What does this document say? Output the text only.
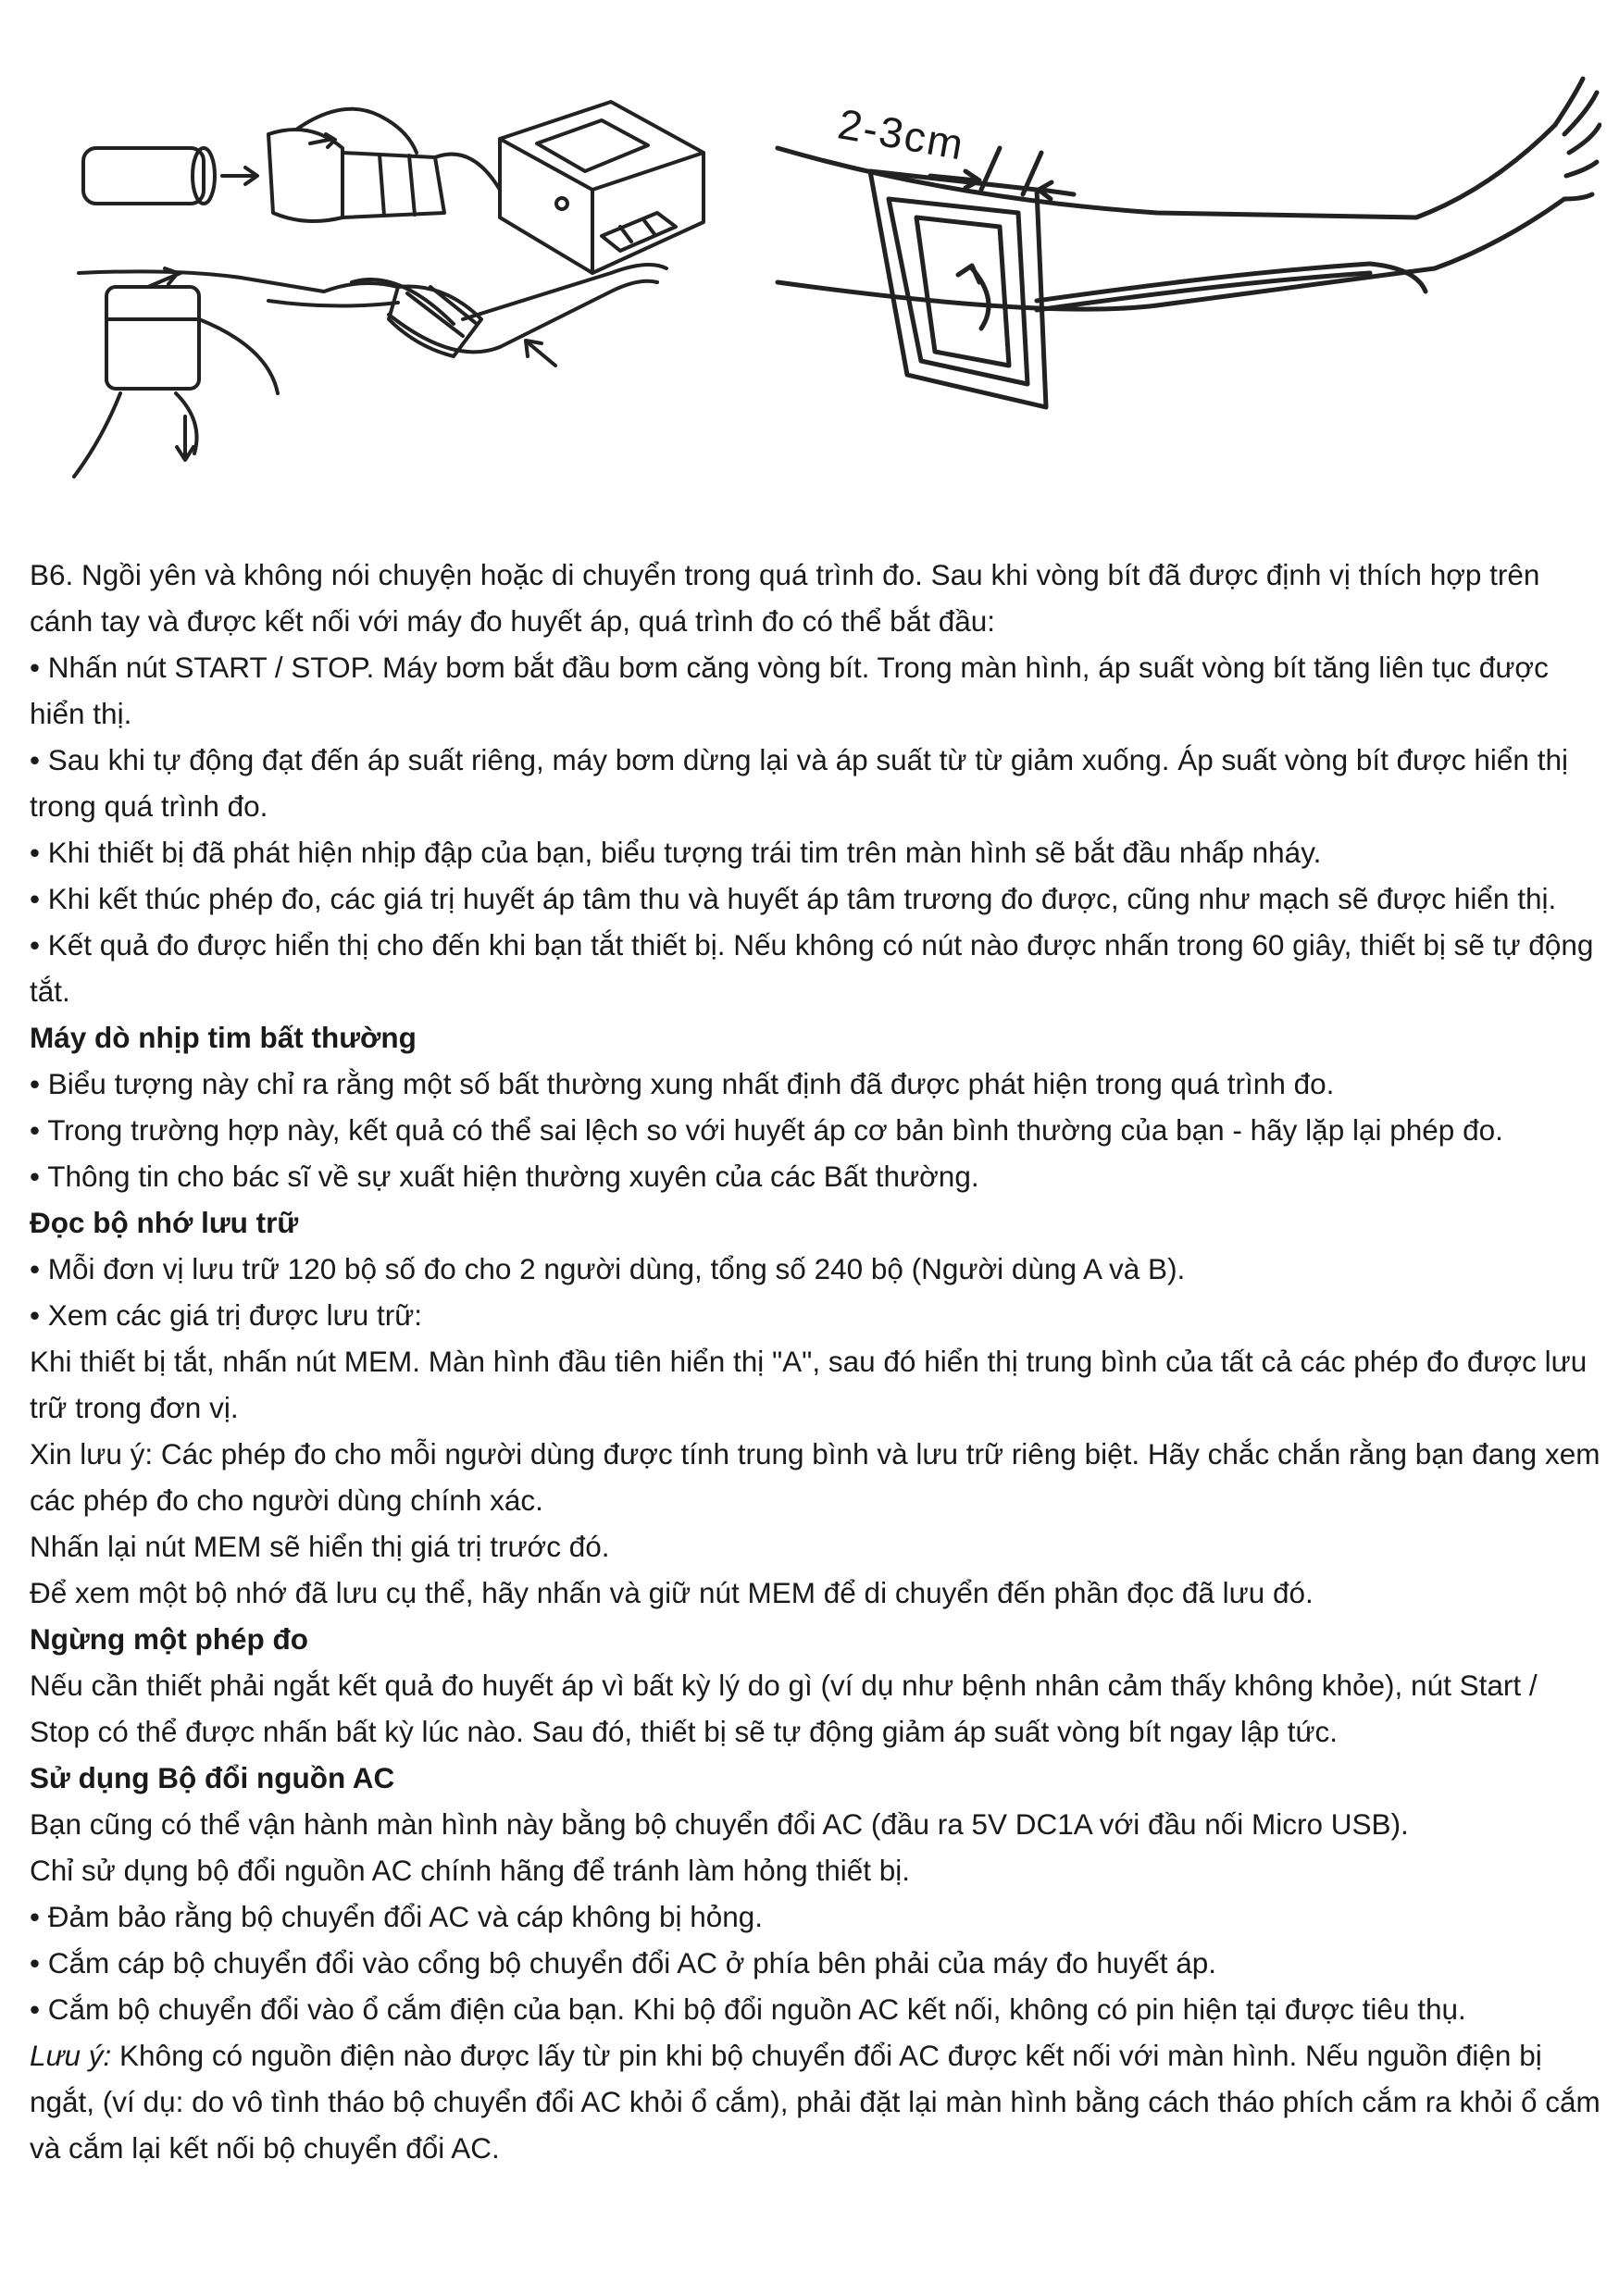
2-3cm

B6. Ngồi yên và không nói chuyện hoặc di chuyển trong quá trình đo. Sau khi vòng bít đã được định vị thích hợp trên cánh tay và được kết nối với máy đo huyết áp, quá trình đo có thể bắt đầu:

• Nhấn nút START / STOP. Máy bơm bắt đầu bơm căng vòng bít. Trong màn hình, áp suất vòng bít tăng liên tục được hiển thị.

• Sau khi tự động đạt đến áp suất riêng, máy bơm dừng lại và áp suất từ từ giảm xuống. Áp suất vòng bít được hiển thị trong quá trình đo.

• Khi thiết bị đã phát hiện nhịp đập của bạn, biểu tượng trái tim trên màn hình sẽ bắt đầu nhấp nháy.

• Khi kết thúc phép đo, các giá trị huyết áp tâm thu và huyết áp tâm trương đo được, cũng như mạch sẽ được hiển thị.

• Kết quả đo được hiển thị cho đến khi bạn tắt thiết bị. Nếu không có nút nào được nhấn trong 60 giây, thiết bị sẽ tự động tắt.

Máy dò nhịp tim bất thường

• Biểu tượng này chỉ ra rằng một số bất thường xung nhất định đã được phát hiện trong quá trình đo.

• Trong trường hợp này, kết quả có thể sai lệch so với huyết áp cơ bản bình thường của bạn - hãy lặp lại phép đo.

• Thông tin cho bác sĩ về sự xuất hiện thường xuyên của các Bất thường.

Đọc bộ nhớ lưu trữ

• Mỗi đơn vị lưu trữ 120 bộ số đo cho 2 người dùng, tổng số 240 bộ (Người dùng A và B).

• Xem các giá trị được lưu trữ:

Khi thiết bị tắt, nhấn nút MEM. Màn hình đầu tiên hiển thị "A", sau đó hiển thị trung bình của tất cả các phép đo được lưu trữ trong đơn vị.

Xin lưu ý: Các phép đo cho mỗi người dùng được tính trung bình và lưu trữ riêng biệt. Hãy chắc chắn rằng bạn đang xem các phép đo cho người dùng chính xác.

Nhấn lại nút MEM sẽ hiển thị giá trị trước đó.

Để xem một bộ nhớ đã lưu cụ thể, hãy nhấn và giữ nút MEM để di chuyển đến phần đọc đã lưu đó.

Ngừng một phép đo

Nếu cần thiết phải ngắt kết quả đo huyết áp vì bất kỳ lý do gì (ví dụ như bệnh nhân cảm thấy không khỏe), nút Start / Stop có thể được nhấn bất kỳ lúc nào. Sau đó, thiết bị sẽ tự động giảm áp suất vòng bít ngay lập tức.

Sử dụng Bộ đổi nguồn AC

Bạn cũng có thể vận hành màn hình này bằng bộ chuyển đổi AC (đầu ra 5V DC1A với đầu nối Micro USB).

Chỉ sử dụng bộ đổi nguồn AC chính hãng để tránh làm hỏng thiết bị.

• Đảm bảo rằng bộ chuyển đổi AC và cáp không bị hỏng.

• Cắm cáp bộ chuyển đổi vào cổng bộ chuyển đổi AC ở phía bên phải của máy đo huyết áp.

• Cắm bộ chuyển đổi vào ổ cắm điện của bạn. Khi bộ đổi nguồn AC kết nối, không có pin hiện tại được tiêu thụ.

Lưu ý: Không có nguồn điện nào được lấy từ pin khi bộ chuyển đổi AC được kết nối với màn hình. Nếu nguồn điện bị ngắt, (ví dụ: do vô tình tháo bộ chuyển đổi AC khỏi ổ cắm), phải đặt lại màn hình bằng cách tháo phích cắm ra khỏi ổ cắm và cắm lại kết nối bộ chuyển đổi AC.
